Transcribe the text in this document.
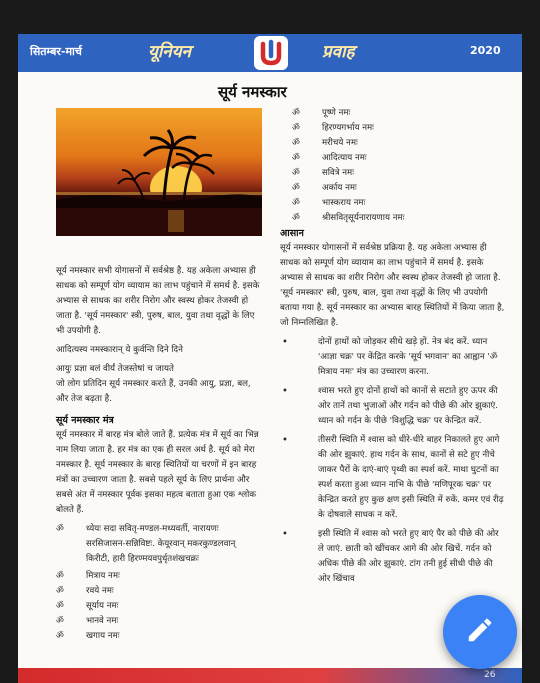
सितम्बर-मार्च	यूनियन	प्रवाह	2020
सूर्य नमस्कार

सूर्य नमस्कार सभी योगासनों में सर्वश्रेष्ठ है. यह अकेला अभ्यास ही साधक को सम्पूर्ण योग व्यायाम का लाभ पहुंचाने में समर्थ है. इसके अभ्यास से साधक का शरीर निरोग और स्वस्थ होकर तेजस्वी हो जाता है. 'सूर्य नमस्कार' स्त्री, पुरुष, बाल, युवा तथा वृद्धों के लिए भी उपयोगी है.

आदित्यस्य नमस्कारान् ये कुर्वन्ति दिने दिने

आयुः प्रज्ञा बलं वीर्यं तेजस्तेषां च जायते

जो लोग प्रतिदिन सूर्य नमस्कार करते हैं, उनकी आयु, प्रज्ञा, बल, और तेज बढ़ता है.

सूर्य नमस्कार मंत्र

सूर्य नमस्कार में बारह मंत्र बोले जाते हैं. प्रत्येक मंत्र में सूर्य का भिन्न नाम लिया जाता है. हर मंत्र का एक ही सरल अर्थ है. सूर्य को मेरा नमस्कार है. सूर्य नमस्कार के बारह स्थितियों या चरणों में इन बारह मंत्रों का उच्चारण जाता है. सबसे पहले सूर्य के लिए प्रार्थना और सबसे अंत में नमस्कार पूर्वक इसका महत्व बताता हुआ एक श्लोक बोलते हैं.

ॐ	ध्येयः सदा सवितृ-मण्डल-मध्यवर्ती, नारायणः
सरसिजासन-सन्निविष्टः. केयूरवान् मकरकुण्डलवान्
किरीटी, हारी हिरण्मयवपुर्धृतशंखचक्रः
ॐ	मित्राय नमः
ॐ	रवये नमः
ॐ	सूर्याय नमः
ॐ	भानवे नमः
ॐ	खगाय नमः
ॐ	पूष्णे नमः
ॐ	हिरण्यगर्भाय नमः
ॐ	मरीचये नमः
ॐ	आदित्याय नमः
ॐ	सवित्रे नमः
ॐ	अर्काय नमः
ॐ	भास्कराय नमः
ॐ	श्रीसवितृसूर्यनारायणाय नमः
आसान

सूर्य नमस्कार योगासनों में सर्वश्रेष्ठ प्रक्रिया है. यह अकेला अभ्यास ही साधक को सम्पूर्ण योग व्यायाम का लाभ पहुंचाने में समर्थ है. इसके अभ्यास से साधक का शरीर निरोग और स्वस्थ होकर तेजस्वी हो जाता है. 'सूर्य नमस्कार' स्त्री, पुरुष, बाल, युवा तथा वृद्धों के लिए भी उपयोगी बताया गया है. सूर्य नमस्कार का अभ्यास बारह स्थितियों में किया जाता है, जो निम्नलिखित है.

• दोनों हाथों को जोड़कर सीधे खड़े हों. नेत्र बंद करें. ध्यान 'आज्ञा चक्र' पर केंद्रित करके 'सूर्य भगवान' का आह्वान 'ॐ मित्राय नमः' मंत्र का उच्चारण करना.
• श्वास भरते हुए दोनों हाथों को कानों से सटाते हुए ऊपर की ओर तानें तथा भुजाओं और गर्दन को पीछे की ओर झुकाएं. ध्यान को गर्दन के पीछे 'विशुद्धि चक्र' पर केन्द्रित करें.
• तीसरी स्थिति में श्वास को धीरे-धीरे बाहर निकालते हुए आगे की ओर झुकाएं. हाथ गर्दन के साथ, कानों से सटे हुए नीचे जाकर पैरों के दाएं-बाएं पृथ्वी का स्पर्श करें. माथा घुटनों का स्पर्श करता हुआ ध्यान नाभि के पीछे 'मणिपूरक चक्र' पर केन्द्रित करते हुए कुछ क्षण इसी स्थिति में रुकें. कमर एवं रीढ़ के दोषवाले साधक न करें.
• इसी स्थिति में श्वास को भरते हुए बाएं पैर को पीछे की ओर ले जाएं. छाती को खींचकर आगे की ओर खिचें. गर्दन को अधिक पीछे की ओर झुकाएं. टांग तनी हुई सीधी पीछे की ओर खिंचाव
26
